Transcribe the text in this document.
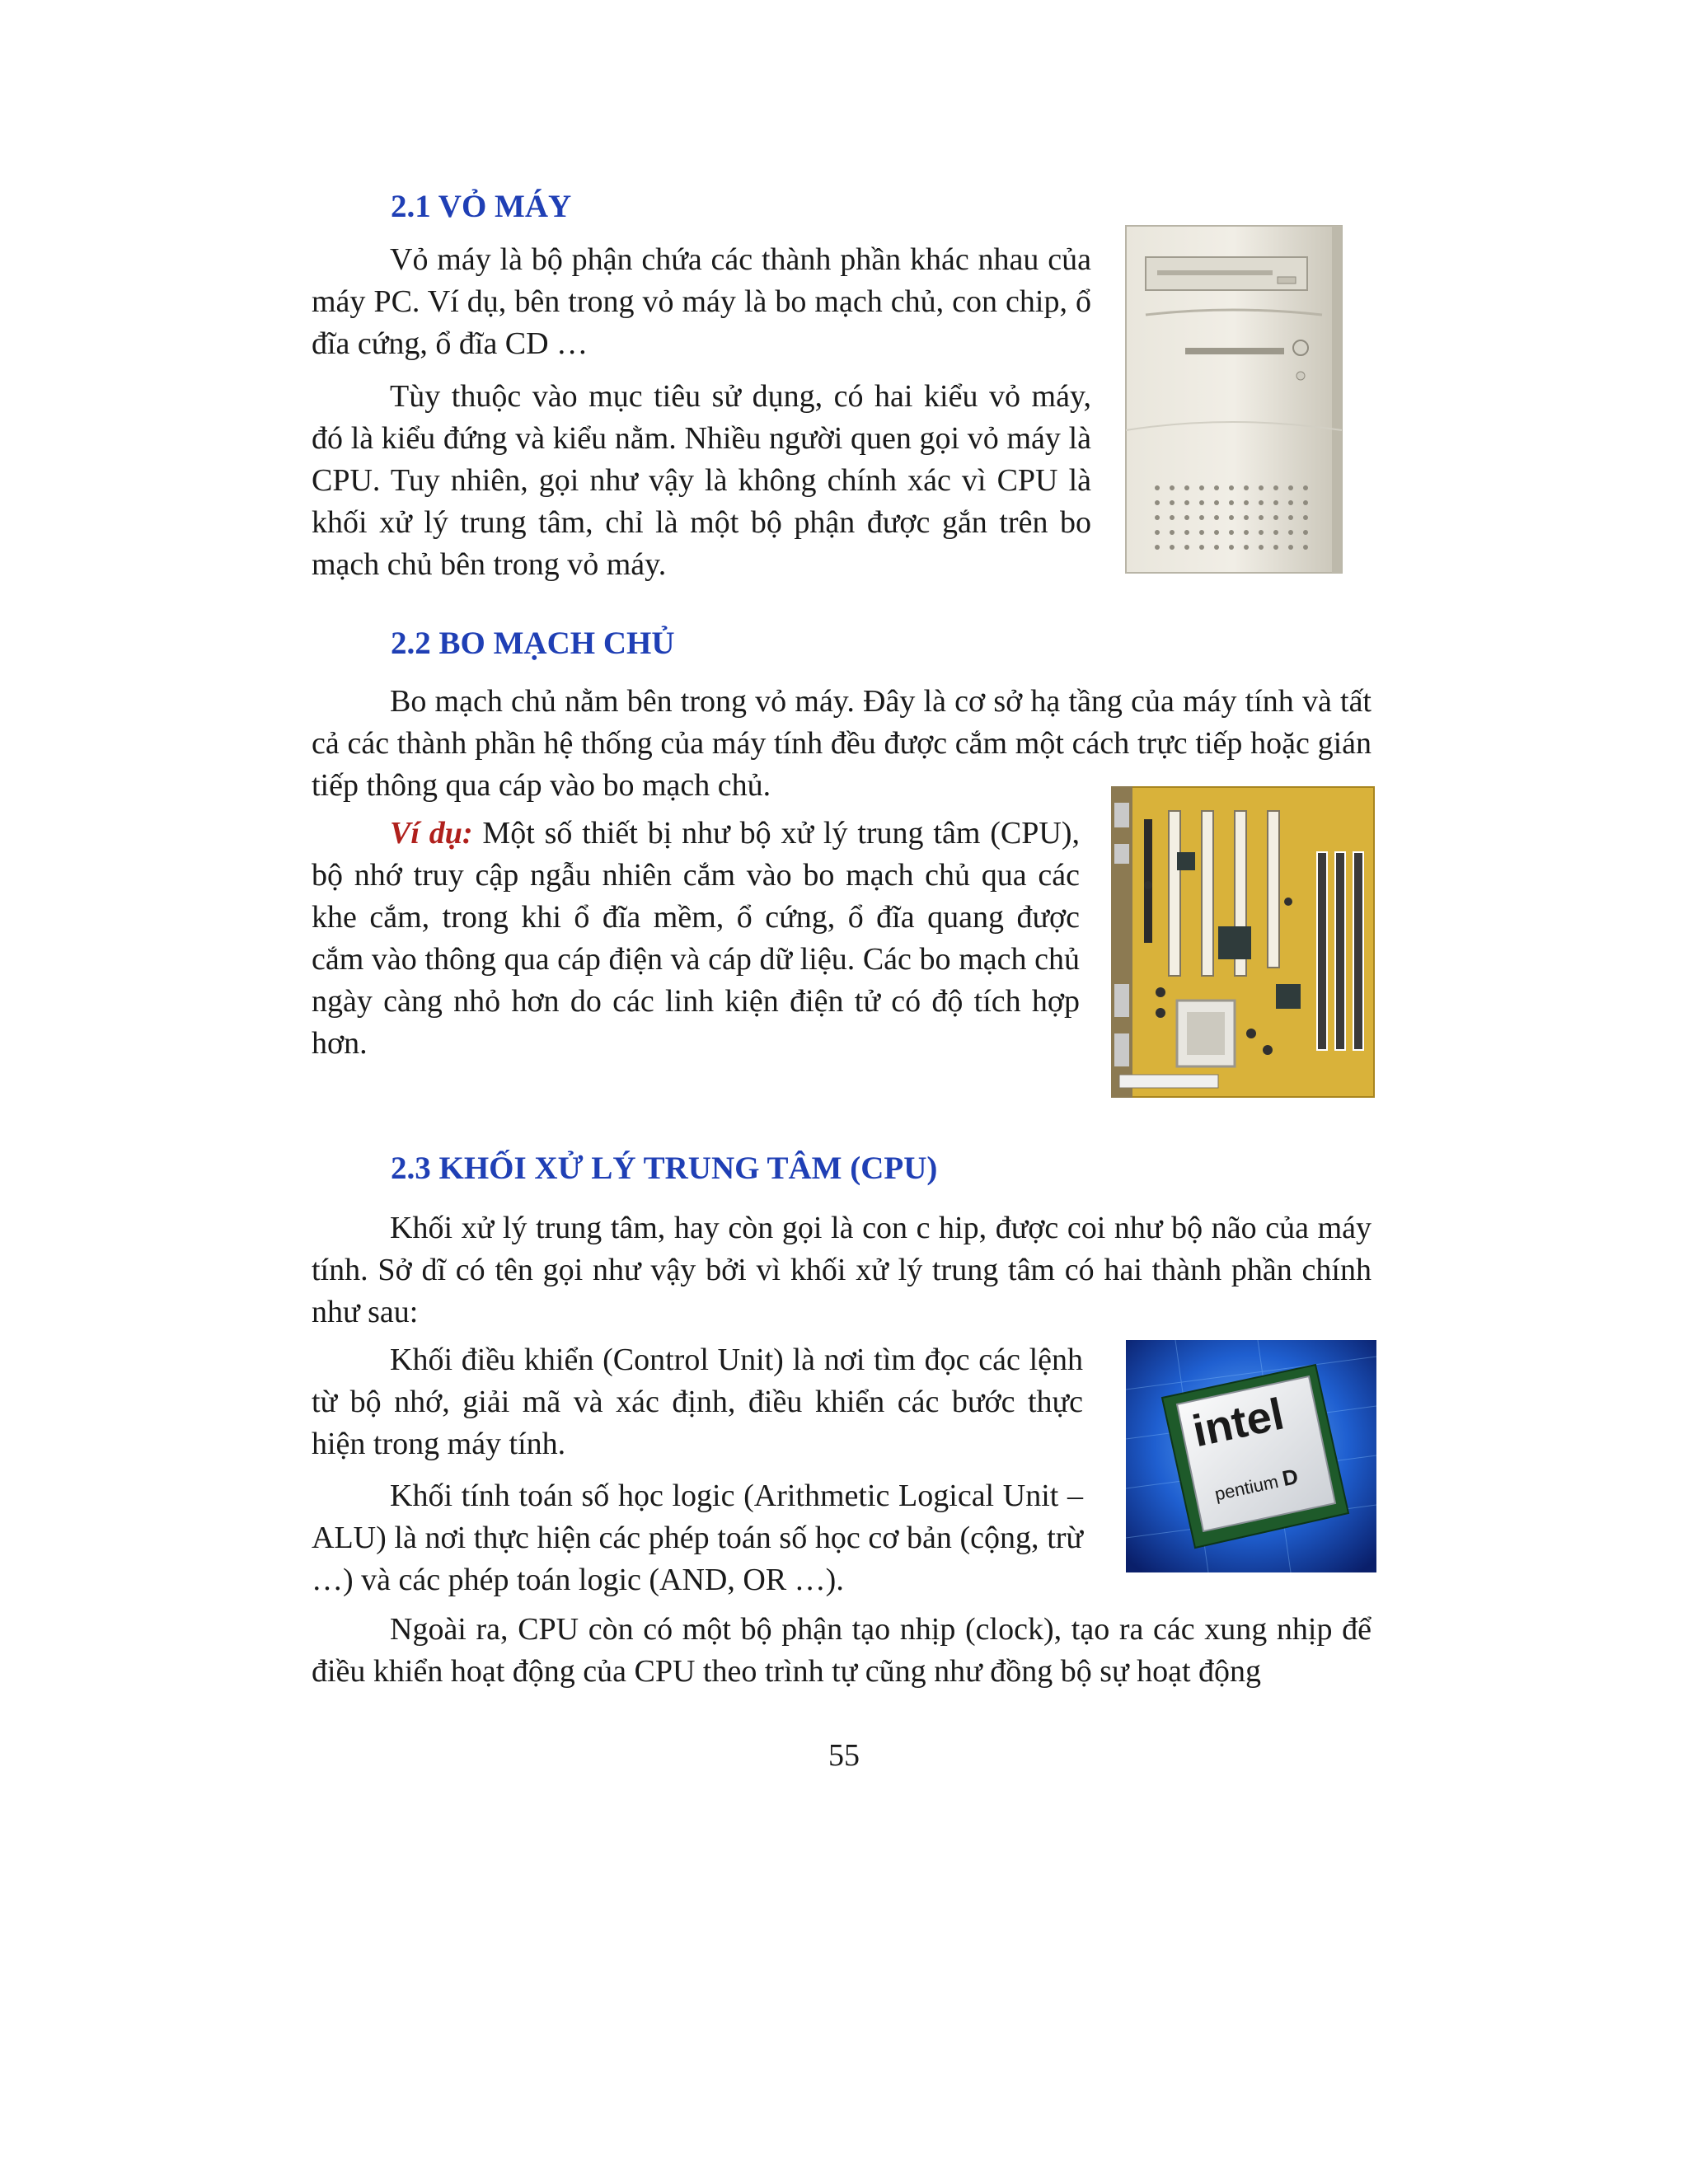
2.1 VỎ MÁY

Vỏ máy là bộ phận chứa các thành phần khác nhau của máy PC. Ví dụ, bên trong vỏ máy là bo mạch chủ, con chip, ổ đĩa cứng, ổ đĩa CD …

Tùy thuộc vào mục tiêu sử dụng, có hai kiểu vỏ máy, đó là kiểu đứng và kiểu nằm. Nhiều người quen gọi vỏ máy là CPU. Tuy nhiên, gọi như vậy là không chính xác vì CPU là khối xử lý trung tâm, chỉ là một bộ phận được gắn trên bo mạch chủ bên trong vỏ máy.

2.2 BO MẠCH CHỦ

Bo mạch chủ nằm bên trong vỏ máy. Đây là cơ sở hạ tầng của máy tính và tất cả các thành phần hệ thống của máy tính đều được cắm một cách trực tiếp hoặc gián tiếp thông qua cáp vào bo mạch chủ.

Ví dụ: Một số thiết bị như bộ xử lý trung tâm (CPU), bộ nhớ truy cập ngẫu nhiên cắm vào bo mạch chủ qua các khe cắm, trong khi ổ đĩa mềm, ổ cứng, ổ đĩa quang được cắm vào thông qua cáp điện và cáp dữ liệu. Các bo mạch chủ ngày càng nhỏ hơn do các linh kiện điện tử có độ tích hợp hơn.

2.3 KHỐI XỬ LÝ TRUNG TÂM (CPU)

Khối xử lý trung tâm, hay còn gọi là con c hip, được coi như bộ não của máy tính. Sở dĩ có tên gọi như vậy bởi vì khối xử lý trung tâm có hai thành phần chính như sau:

Khối điều khiển (Control Unit) là nơi tìm đọc các lệnh từ bộ nhớ, giải mã và xác định, điều khiển các bước thực hiện trong máy tính.

Khối tính toán số học logic (Arithmetic Logical Unit – ALU) là nơi thực hiện các phép toán số học cơ bản (cộng, trừ …) và các phép toán logic (AND, OR …).

Ngoài ra, CPU còn có một bộ phận tạo nhịp (clock), tạo ra các xung nhịp để điều khiển hoạt động của CPU theo trình tự cũng như đồng bộ sự hoạt động

intel
pentiumD
55
